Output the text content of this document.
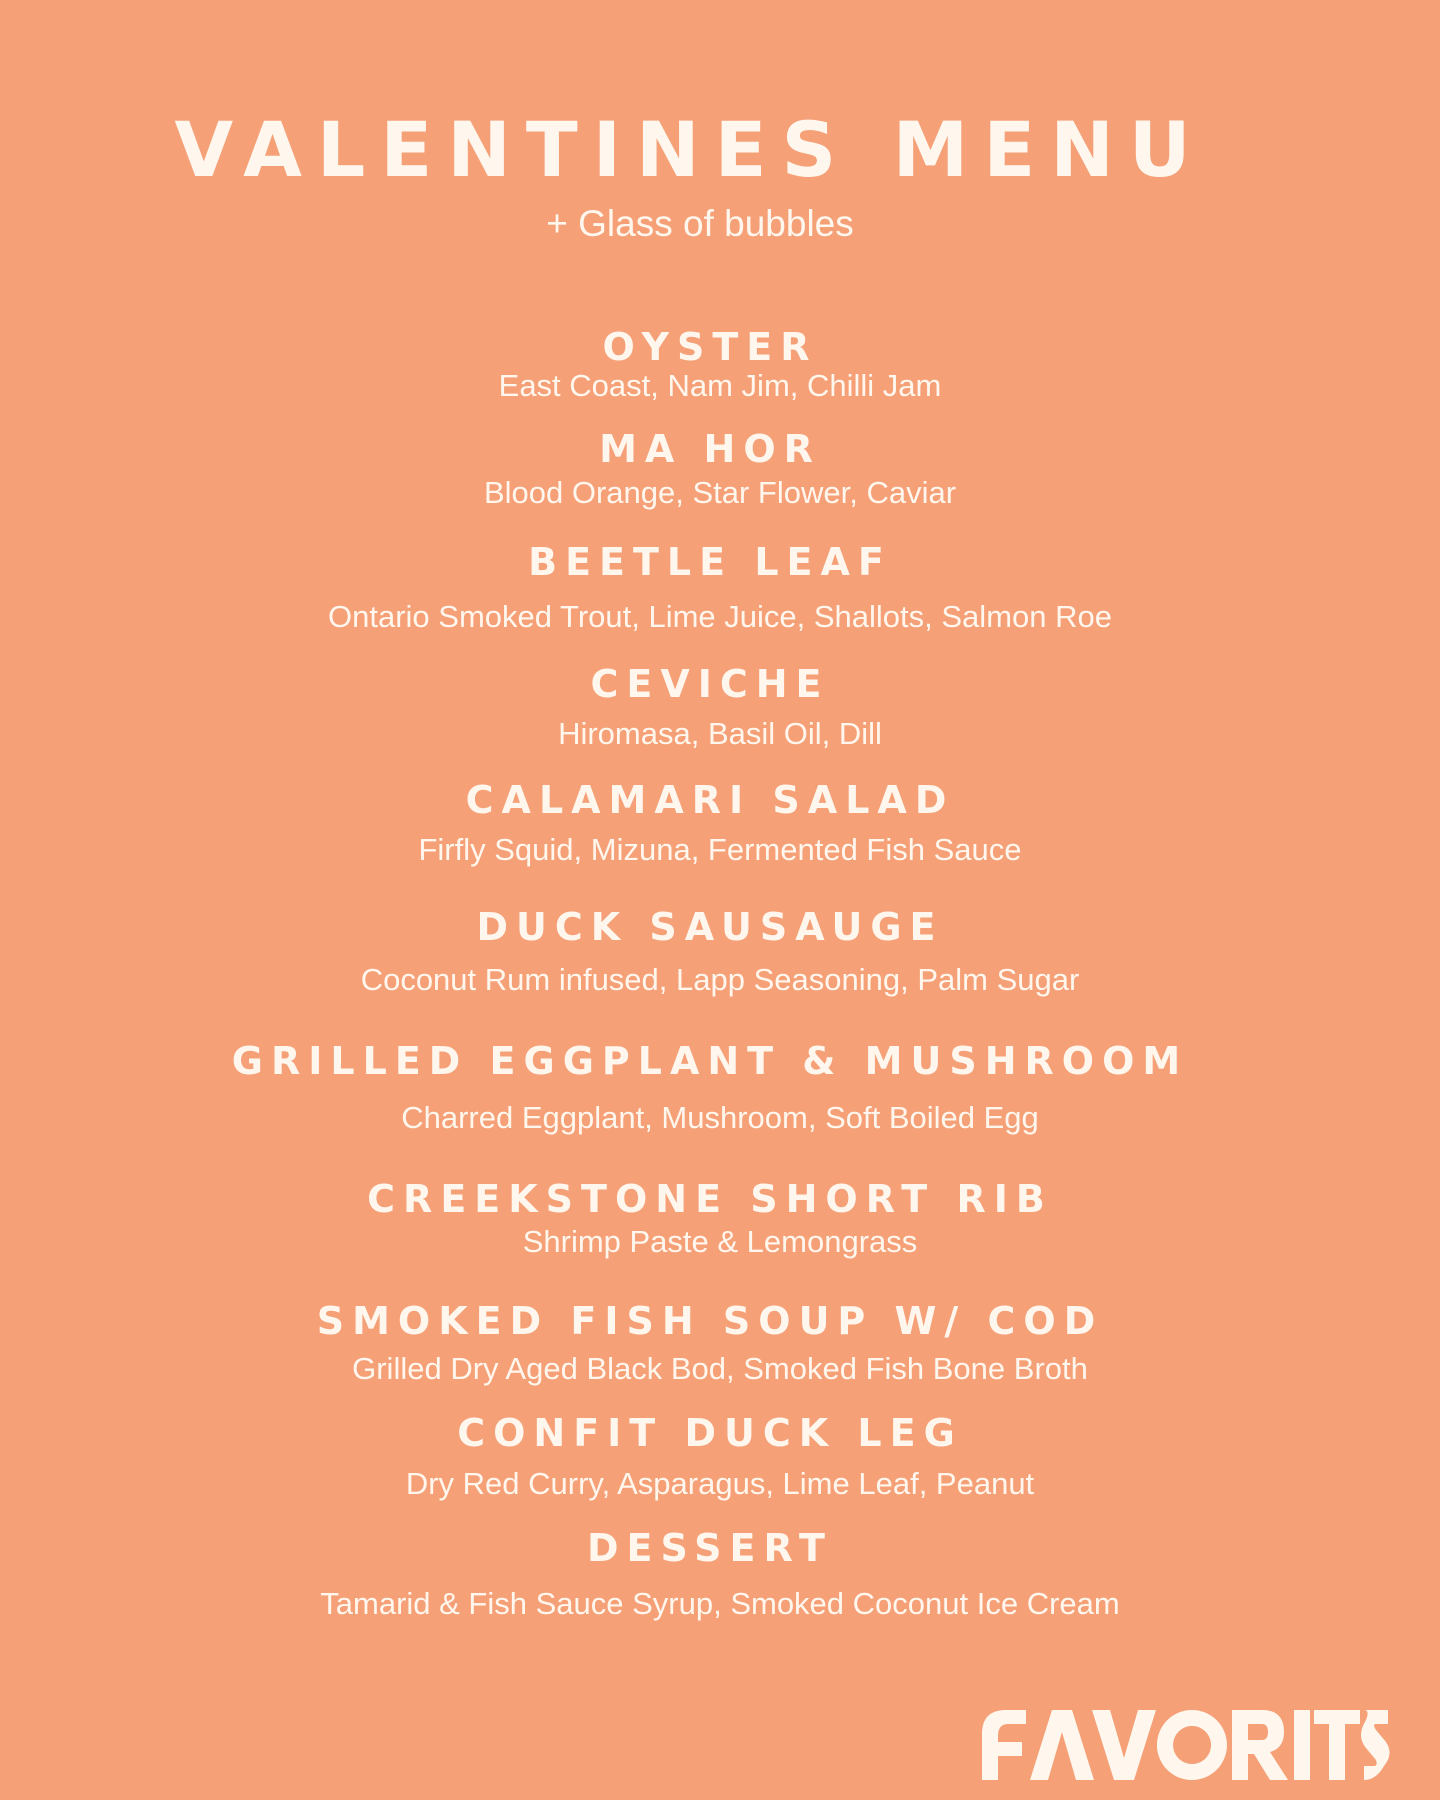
VALENTINES MENU

+ Glass of bubbles

OYSTER

East Coast, Nam Jim, Chilli Jam

MA HOR

Blood Orange, Star Flower, Caviar

BEETLE LEAF

Ontario Smoked Trout, Lime Juice, Shallots, Salmon Roe

CEVICHE

Hiromasa, Basil Oil, Dill

CALAMARI SALAD

Firfly Squid, Mizuna, Fermented Fish Sauce

DUCK SAUSAUGE

Coconut Rum infused, Lapp Seasoning, Palm Sugar

GRILLED EGGPLANT & MUSHROOM

Charred Eggplant, Mushroom, Soft Boiled Egg

CREEKSTONE SHORT RIB

Shrimp Paste & Lemongrass

SMOKED FISH SOUP W/ COD

Grilled Dry Aged Black Bod, Smoked Fish Bone Broth

CONFIT DUCK LEG

Dry Red Curry, Asparagus, Lime Leaf, Peanut

DESSERT

Tamarid & Fish Sauce Syrup, Smoked Coconut Ice Cream
